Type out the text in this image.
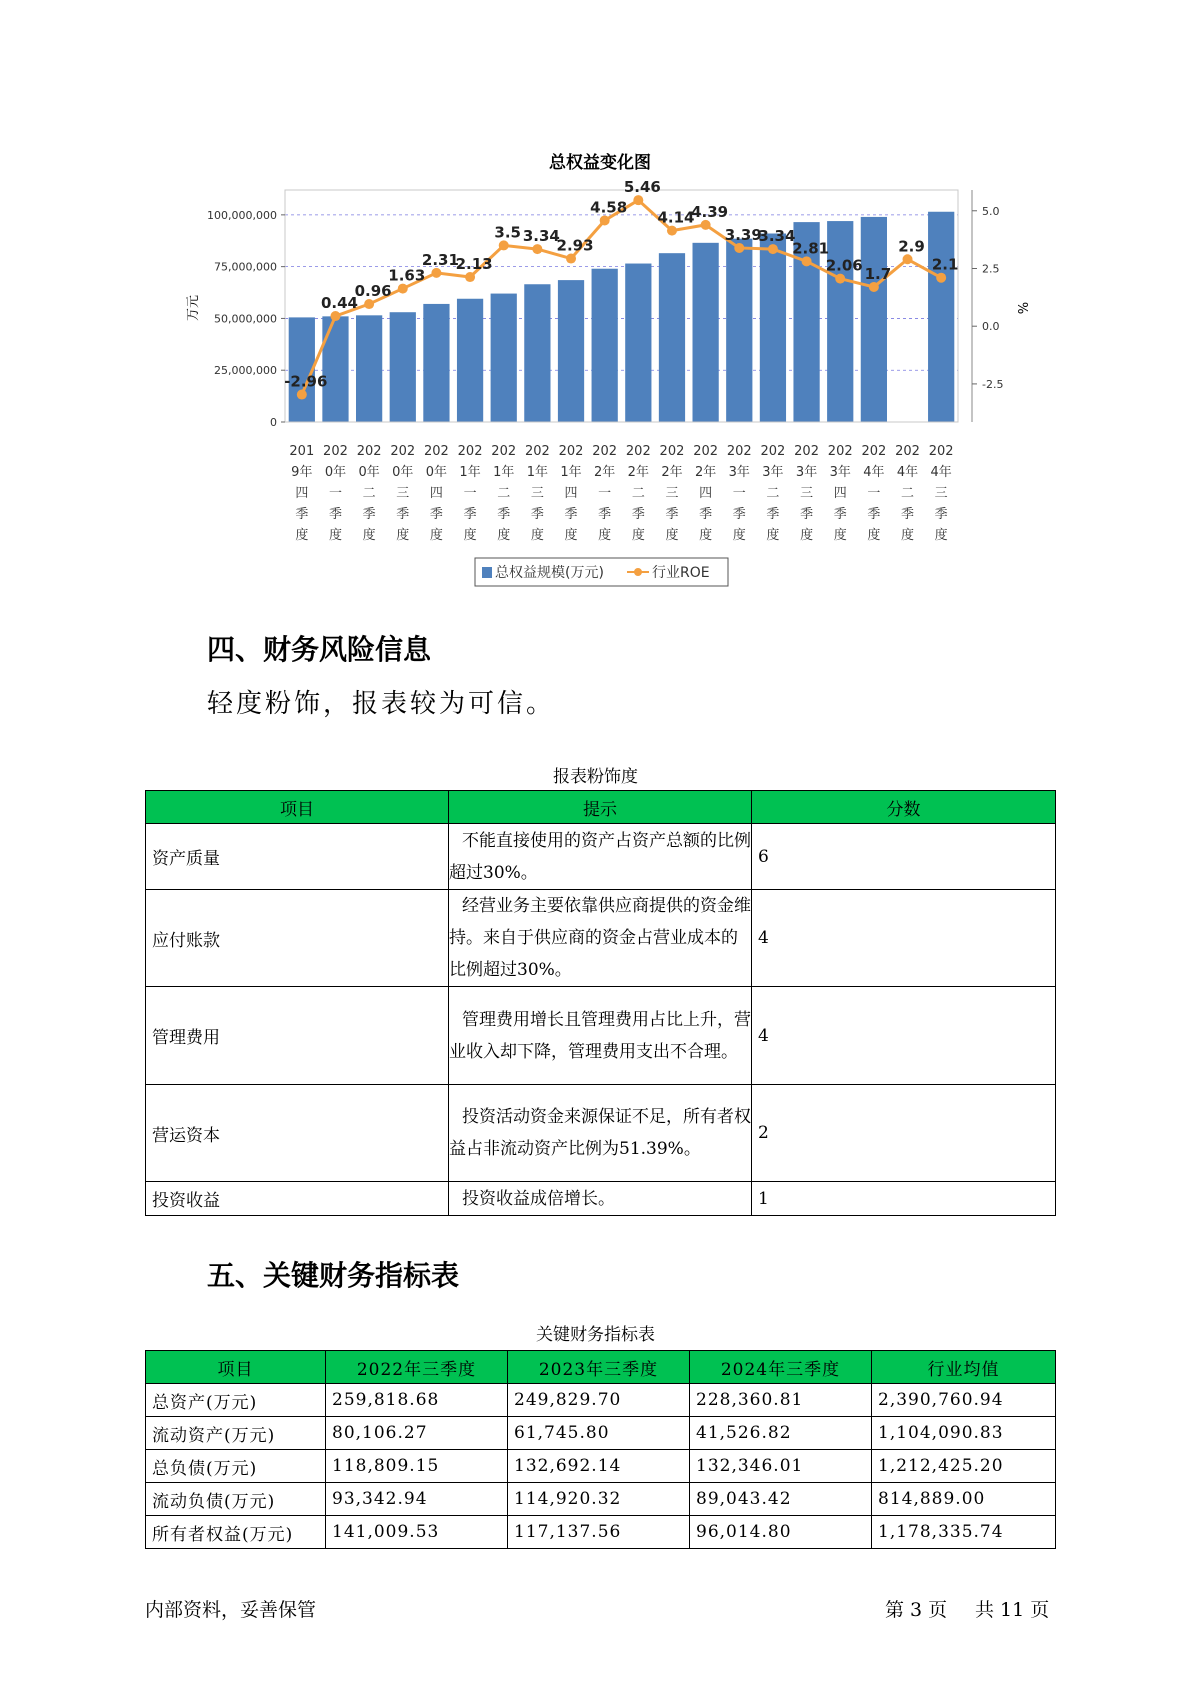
总权益变化图
万元	%
0
25,000,000
50,000,000
75,000,000
100,000,000
-2.5
0.0
2.5
5.0
-2.96
0.44
0.96
1.63
2.31
2.13
3.5 3.34
2.93
4.58
5.46
4.14
4.39
3.39
3.34
2.81
2.06 1.7
2.9
2.1
201
9年
四
季
度
202
0年
一
季
度
202
0年
二
季
度
202
0年
三
季
度
202
0年
四
季
度
202
1年
一
季
度
202
1年
二
季
度
202
1年
三
季
度
202
1年
四
季
度
202
2年
一
季
度
202
2年
二
季
度
202
2年
三
季
度
202
2年
四
季
度
202
3年
一
季
度
202
3年
二
季
度
202
3年
三
季
度
202
3年
四
季
度
202
4年
一
季
度
202
4年
二
季
度
202
4年
三
季
度
总权益规模(万元)	行业ROE
四、财务风险信息
轻度粉饰，报表较为可信。
报表粉饰度
项目	提示	分数
资产质量	不能直接使用的资产占资产总额的比例超过30%。	6
应付账款	经营业务主要依靠供应商提供的资金维持。来自于供应商的资金占营业成本的比例超过30%。	4
管理费用	管理费用增长且管理费用占比上升，营业收入却下降，管理费用支出不合理。	4
营运资本	投资活动资金来源保证不足，所有者权益占非流动资产比例为51.39%。	2
投资收益	投资收益成倍增长。	1
五、关键财务指标表
关键财务指标表
项目	2022年三季度	2023年三季度	2024年三季度	行业均值
总资产(万元)	259,818.68	249,829.70	228,360.81	2,390,760.94
流动资产(万元)	80,106.27	61,745.80	41,526.82	1,104,090.83
总负债(万元)	118,809.15	132,692.14	132,346.01	1,212,425.20
流动负债(万元)	93,342.94	114,920.32	89,043.42	814,889.00
所有者权益(万元)	141,009.53	117,137.56	96,014.80	1,178,335.74
内部资料，妥善保管	第 3 页 共 11 页
